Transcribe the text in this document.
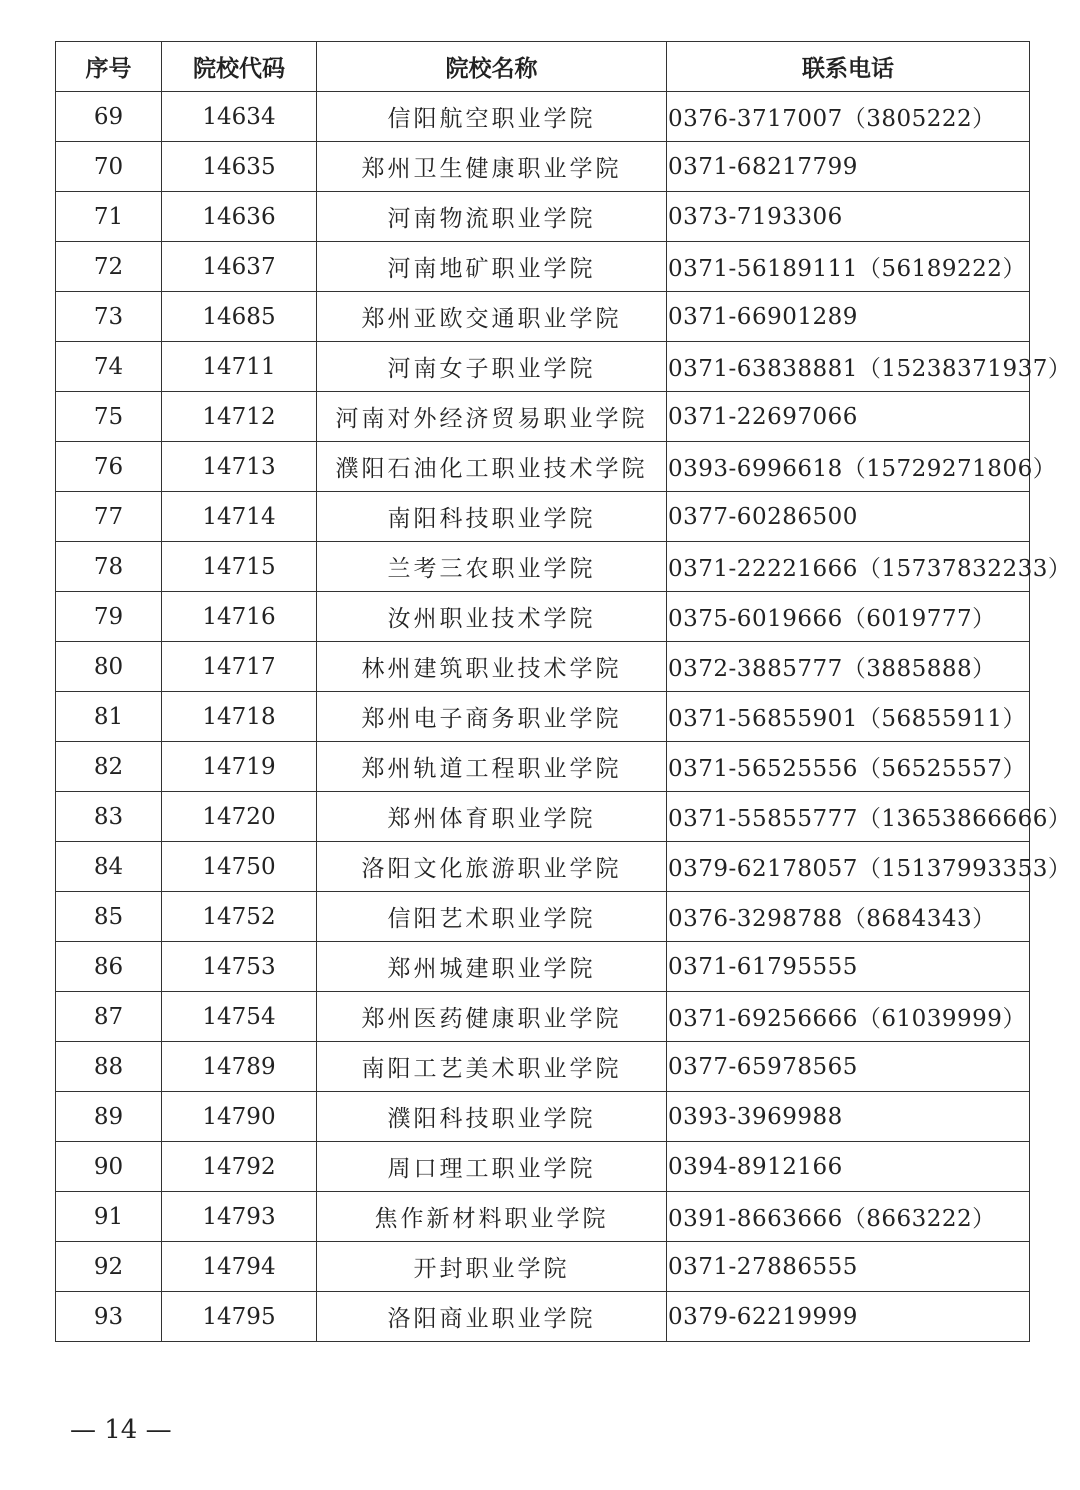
序号	院校代码	院校名称	联系电话
69	14634	信阳航空职业学院	0376-3717007（3805222）
70	14635	郑州卫生健康职业学院	0371-68217799
71	14636	河南物流职业学院	0373-7193306
72	14637	河南地矿职业学院	0371-56189111（56189222）
73	14685	郑州亚欧交通职业学院	0371-66901289
74	14711	河南女子职业学院	0371-63838881（15238371937）
75	14712	河南对外经济贸易职业学院	0371-22697066
76	14713	濮阳石油化工职业技术学院	0393-6996618（15729271806）
77	14714	南阳科技职业学院	0377-60286500
78	14715	兰考三农职业学院	0371-22221666（15737832233）
79	14716	汝州职业技术学院	0375-6019666（6019777）
80	14717	林州建筑职业技术学院	0372-3885777（3885888）
81	14718	郑州电子商务职业学院	0371-56855901（56855911）
82	14719	郑州轨道工程职业学院	0371-56525556（56525557）
83	14720	郑州体育职业学院	0371-55855777（13653866666）
84	14750	洛阳文化旅游职业学院	0379-62178057（15137993353）
85	14752	信阳艺术职业学院	0376-3298788（8684343）
86	14753	郑州城建职业学院	0371-61795555
87	14754	郑州医药健康职业学院	0371-69256666（61039999）
88	14789	南阳工艺美术职业学院	0377-65978565
89	14790	濮阳科技职业学院	0393-3969988
90	14792	周口理工职业学院	0394-8912166
91	14793	焦作新材料职业学院	0391-8663666（8663222）
92	14794	开封职业学院	0371-27886555
93	14795	洛阳商业职业学院	0379-62219999
— 14 —
